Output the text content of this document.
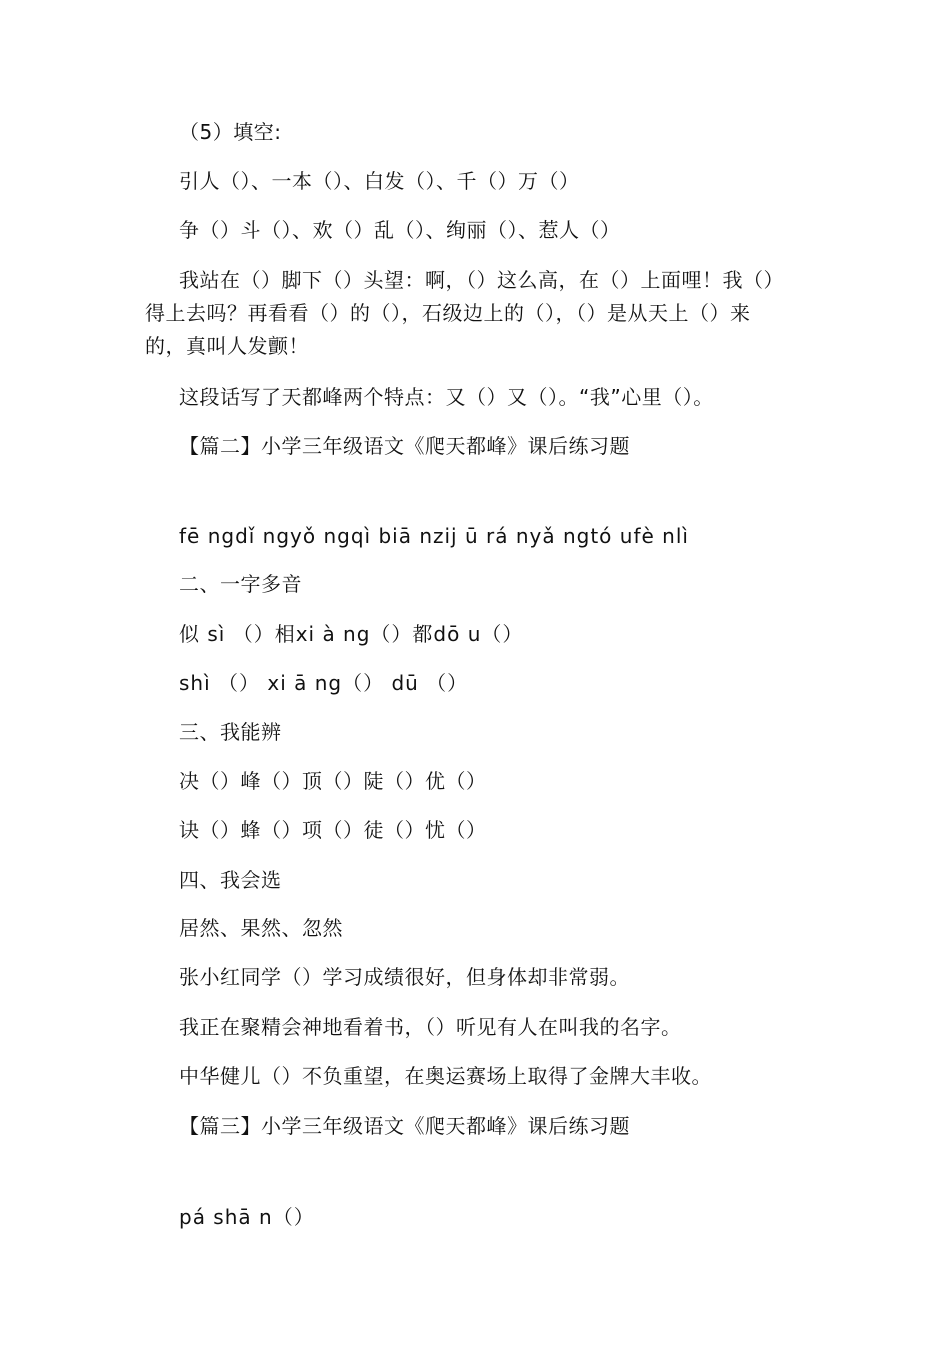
（5）填空:
引人（）、一本（）、白发（）、千（）万（）
争（）斗（）、欢（）乱（）、绚丽（）、惹人（）
我站在（）脚下（）头望：啊，（）这么高，在（）上面哩！我（）得上去吗？再看看（）的（），石级边上的（），（）是从天上（）来的，真叫人发颤！
这段话写了天都峰两个特点：又（）又（）。“我”心里（）。
【篇二】小学三年级语文《爬天都峰》课后练习题
fē ngdǐ ngyǒ ngqì biā nzij ū rá nyǎ ngtó ufè nlì
二、一字多音
似 sì （）相xi à ng（）都dō u（）
shì （） xi ā ng（） dū （）
三、我能辨
决（）峰（）顶（）陡（）优（）
诀（）蜂（）项（）徒（）忧（）
四、我会选
居然、果然、忽然
张小红同学（）学习成绩很好，但身体却非常弱。
我正在聚精会神地看着书，（）听见有人在叫我的名字。
中华健儿（）不负重望，在奥运赛场上取得了金牌大丰收。
【篇三】小学三年级语文《爬天都峰》课后练习题
pá shā n（）
